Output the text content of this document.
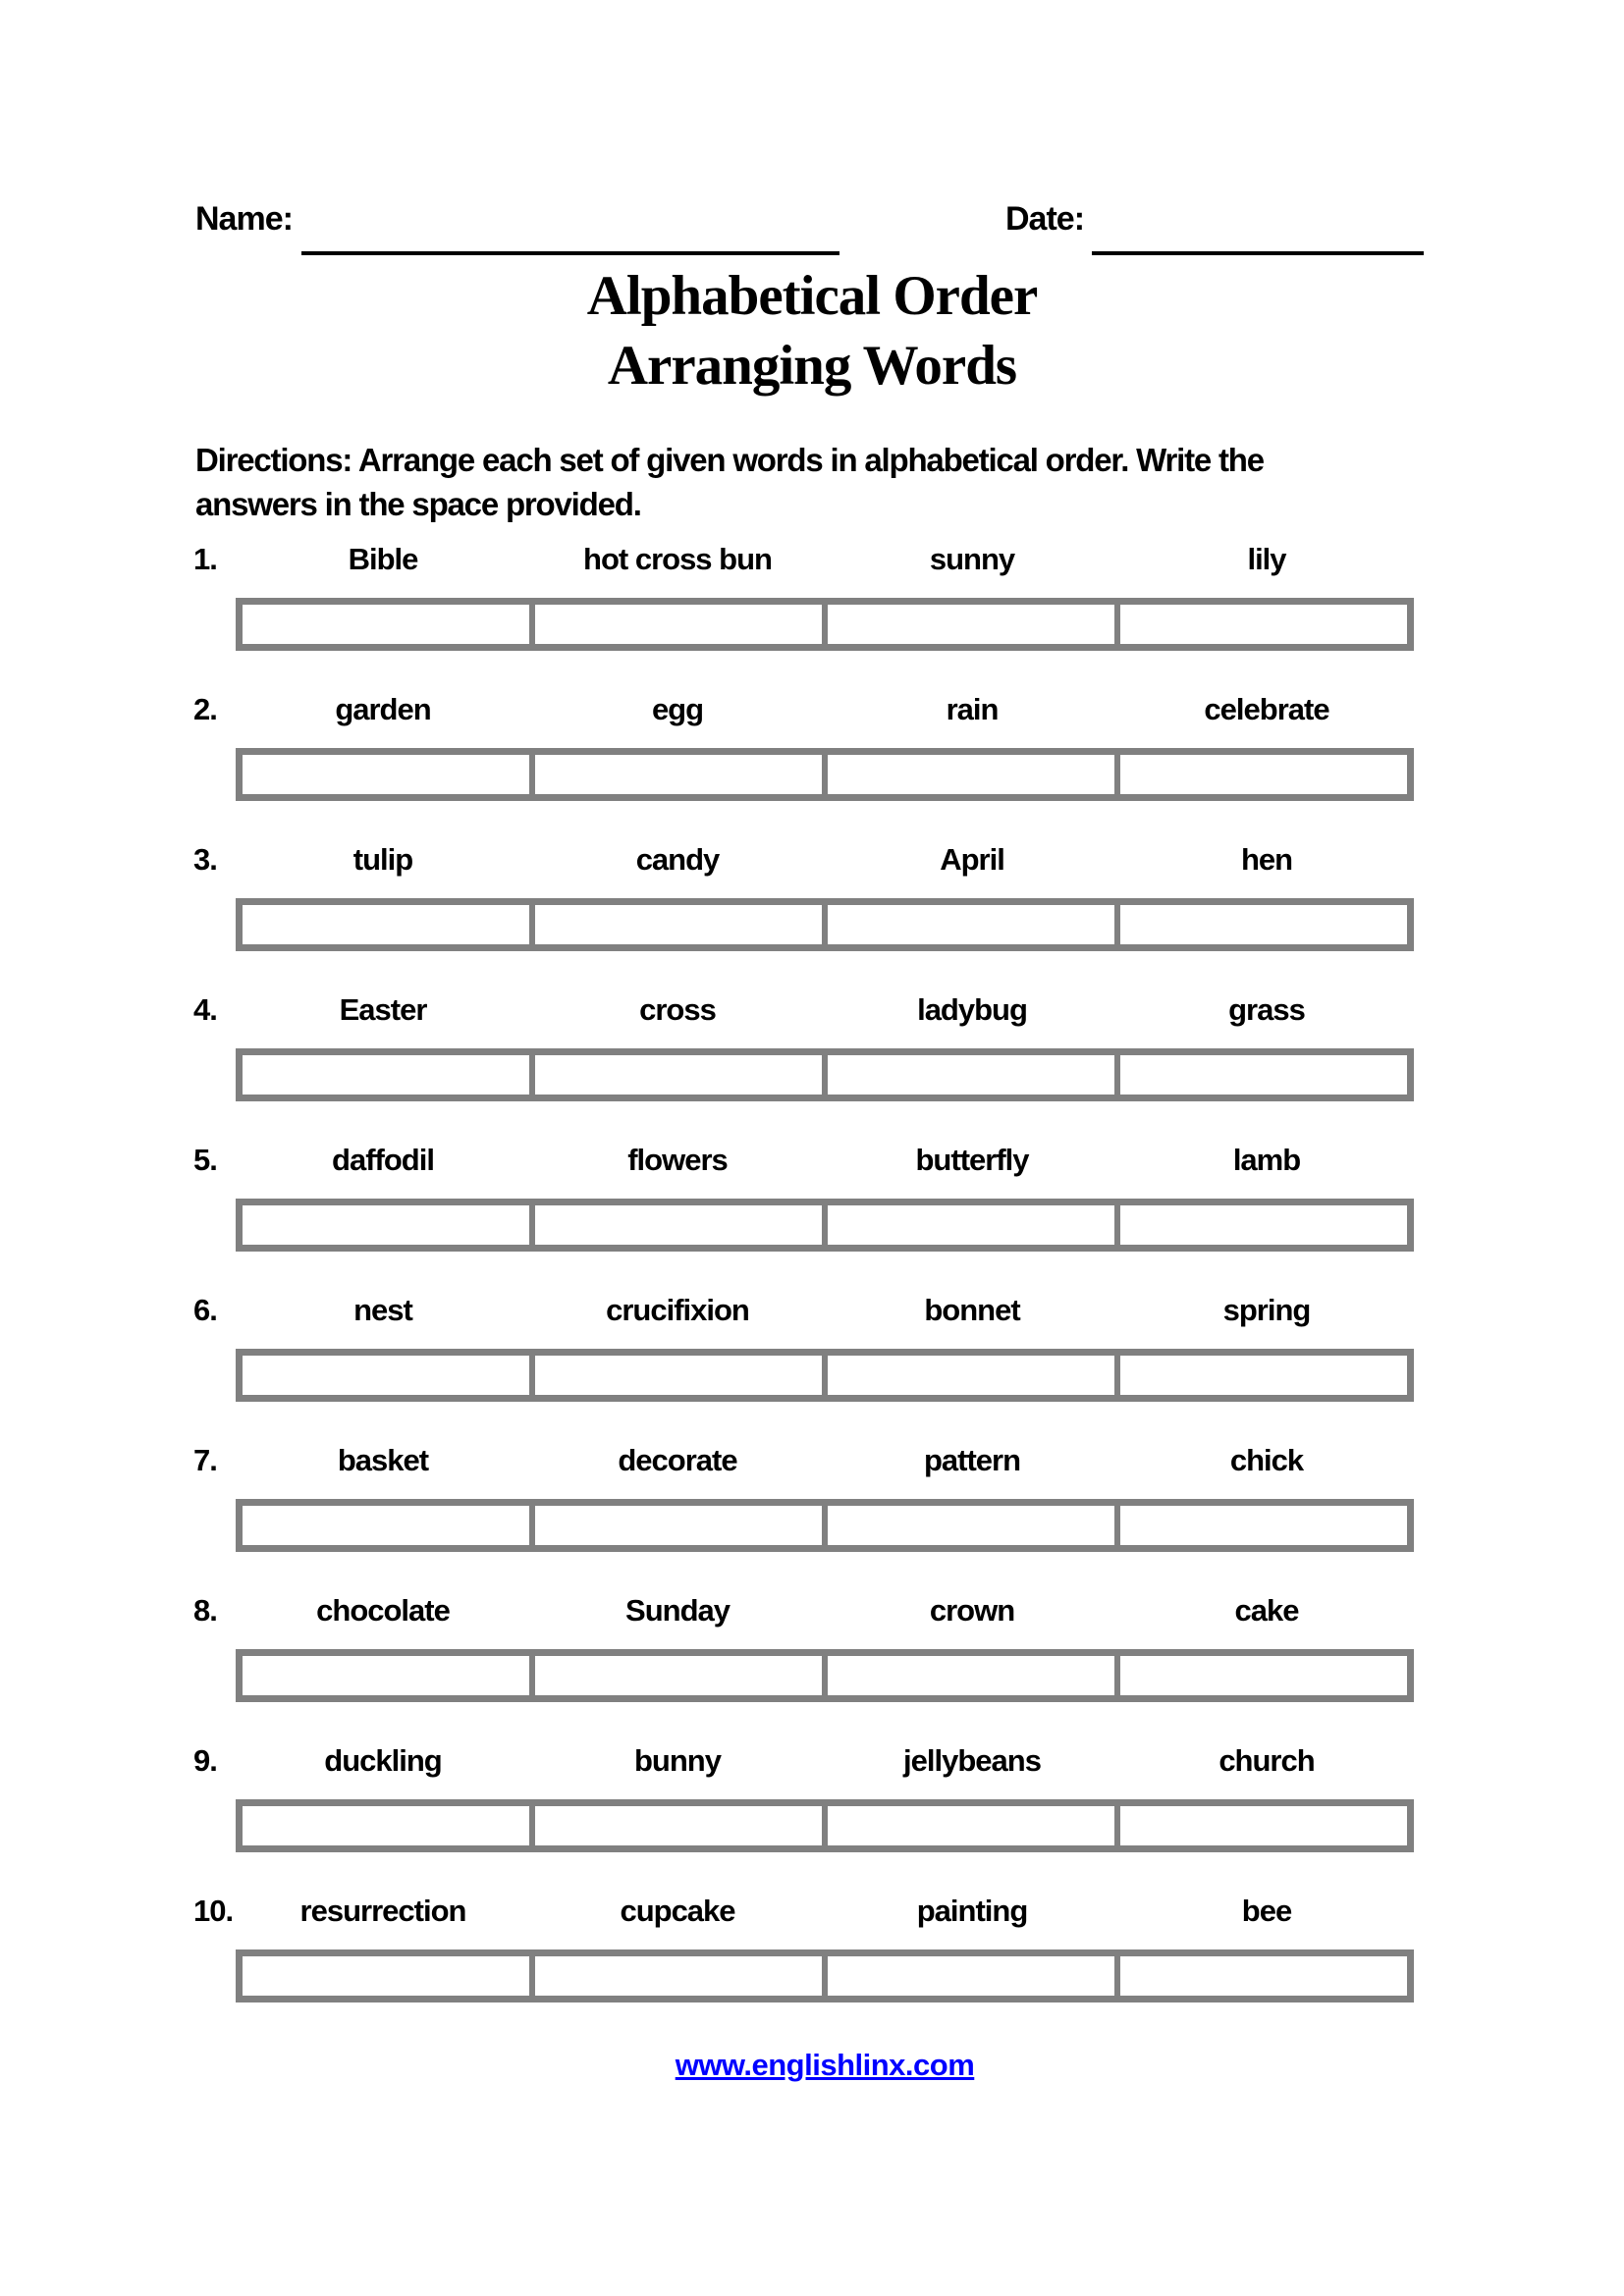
Name:	Date:
Alphabetical Order
Arranging Words
Directions: Arrange each set of given words in alphabetical order. Write the
answers in the space provided.
1.	Bible	hot cross bun	sunny	lily
2.	garden	egg	rain	celebrate
3.	tulip	candy	April	hen
4.	Easter	cross	ladybug	grass
5.	daffodil	flowers	butterfly	lamb
6.	nest	crucifixion	bonnet	spring
7.	basket	decorate	pattern	chick
8.	chocolate	Sunday	crown	cake
9.	duckling	bunny	jellybeans	church
10.	resurrection	cupcake	painting	bee
www.englishlinx.com
